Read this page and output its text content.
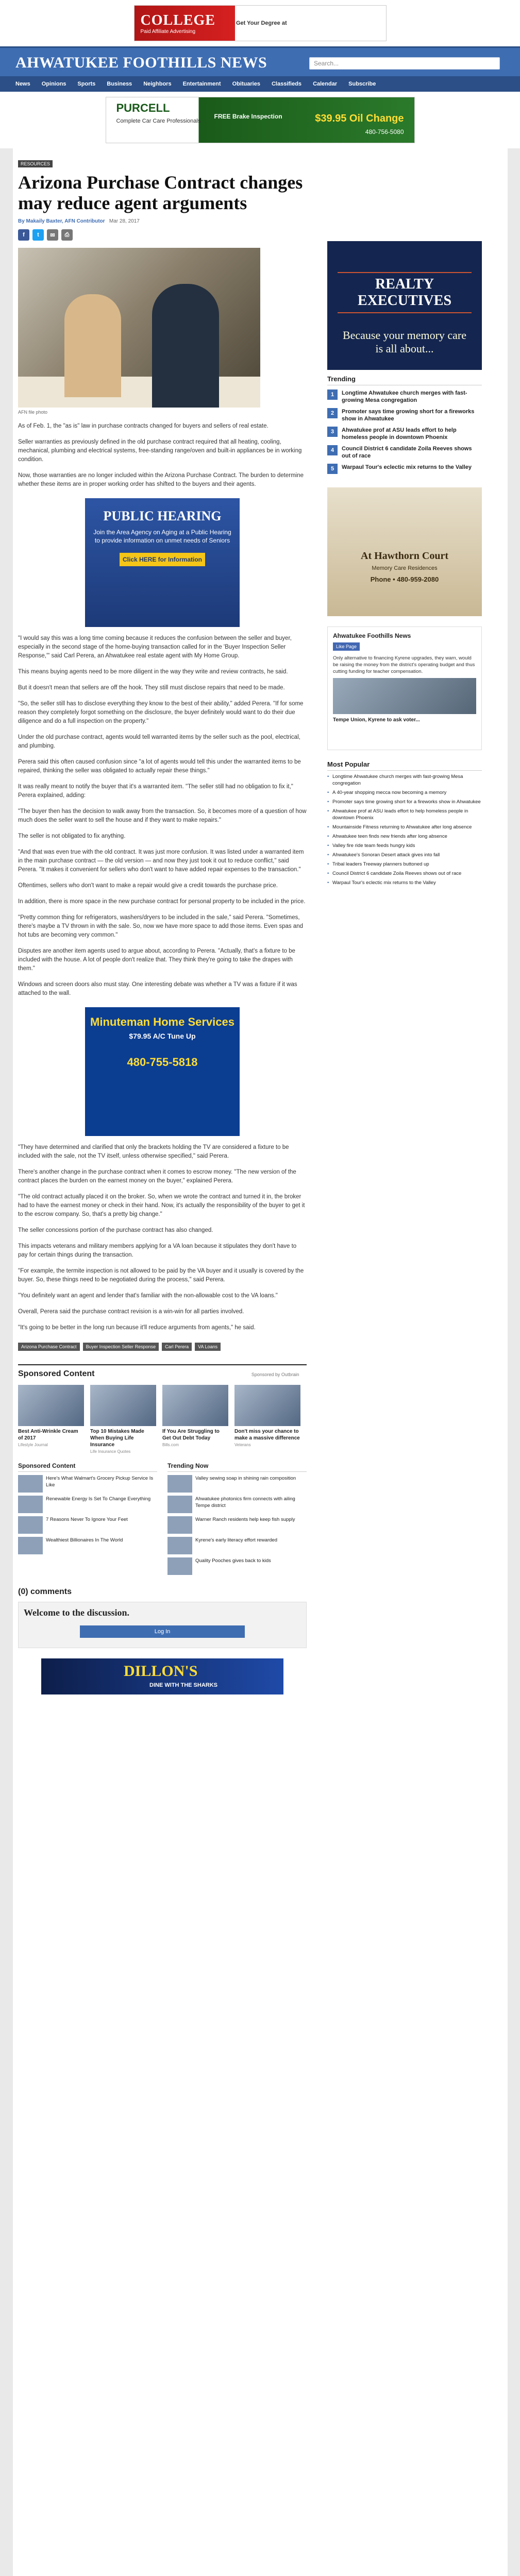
COLLEGE
Paid Affiliate Advertising
Get Your Degree at
AHWATUKEE FOOTHILLS NEWS	Search...
News Opinions Sports Business Neighbors Entertainment Obituaries Classifieds Calendar Subscribe
PURCELL
Complete Car Care Professionals
FREE Brake Inspection	$39.95 Oil Change
480-756-5080
RESOURCES
Arizona Purchase Contract changes may reduce agent arguments
By Makaily Baxter, AFN Contributor Mar 28, 2017
f	t	✉	⎙
AFN file photo

As of Feb. 1, the "as is" law in purchase contracts changed for buyers and sellers of real estate.

Seller warranties as previously defined in the old purchase contract required that all heating, cooling, mechanical, plumbing and electrical systems, free-standing range/oven and built-in appliances be in working condition.

Now, those warranties are no longer included within the Arizona Purchase Contract. The burden to determine whether these items are in proper working order has shifted to the buyers and their agents.

PUBLIC HEARING
Join the Area Agency on Aging at a Public Hearing to provide information on unmet needs of Seniors
Click HERE for Information

"I would say this was a long time coming because it reduces the confusion between the seller and buyer, especially in the second stage of the home-buying transaction called for in the 'Buyer Inspection Seller Response,'" said Carl Perera, an Ahwatukee real estate agent with My Home Group.

This means buying agents need to be more diligent in the way they write and review contracts, he said.

But it doesn't mean that sellers are off the hook. They still must disclose repairs that need to be made.

"So, the seller still has to disclose everything they know to the best of their ability," added Perera. "If for some reason they completely forgot something on the disclosure, the buyer definitely would want to do their due diligence and do a full inspection on the property."

Under the old purchase contract, agents would tell warranted items by the seller such as the pool, electrical, and plumbing.

Perera said this often caused confusion since "a lot of agents would tell this under the warranted items to be repaired, thinking the seller was obligated to actually repair these things."

It was really meant to notify the buyer that it's a warranted item. "The seller still had no obligation to fix it," Perera explained, adding:

"The buyer then has the decision to walk away from the transaction. So, it becomes more of a question of how much does the seller want to sell the house and if they want to make repairs."

The seller is not obligated to fix anything.

"And that was even true with the old contract. It was just more confusion. It was listed under a warranted item in the main purchase contract — the old version — and now they just took it out to reduce conflict," said Perera. "It makes it convenient for sellers who don't want to have added repair expenses to the transaction."

Oftentimes, sellers who don't want to make a repair would give a credit towards the purchase price.

In addition, there is more space in the new purchase contract for personal property to be included in the price.

"Pretty common thing for refrigerators, washers/dryers to be included in the sale," said Perera. "Sometimes, there's maybe a TV thrown in with the sale. So, now we have more space to add those items. Even spas and hot tubs are becoming very common."

Disputes are another item agents used to argue about, according to Perera. "Actually, that's a fixture to be included with the house. A lot of people don't realize that. They think they're going to take the drapes with them."

Windows and screen doors also must stay. One interesting debate was whether a TV was a fixture if it was attached to the wall.

Minuteman Home Services
$79.95 A/C Tune Up
480-755-5818

"They have determined and clarified that only the brackets holding the TV are considered a fixture to be included with the sale, not the TV itself, unless otherwise specified," said Perera.

There's another change in the purchase contract when it comes to escrow money. "The new version of the contract places the burden on the earnest money on the buyer," explained Perera.

"The old contract actually placed it on the broker. So, when we wrote the contract and turned it in, the broker had to have the earnest money or check in their hand. Now, it's actually the responsibility of the buyer to get it to the escrow company. So, that's a pretty big change."

The seller concessions portion of the purchase contract has also changed.

This impacts veterans and military members applying for a VA loan because it stipulates they don't have to pay for certain things during the transaction.

"For example, the termite inspection is not allowed to be paid by the VA buyer and it usually is covered by the buyer. So, these things need to be negotiated during the process," said Perera.

"You definitely want an agent and lender that's familiar with the non-allowable cost to the VA loans."

Overall, Perera said the purchase contract revision is a win-win for all parties involved.

"It's going to be better in the long run because it'll reduce arguments from agents," he said.

Arizona Purchase Contract	Buyer Inspection Seller Response	Carl Perera	VA Loans
Sponsored Content	Sponsored by Outbrain
Best Anti-Wrinkle Cream of 2017
Lifestyle Journal
Top 10 Mistakes Made When Buying Life Insurance
Life Insurance Quotes
If You Are Struggling to Get Out Debt Today
Bills.com
Don't miss your chance to make a massive difference
Veterans
Sponsored Content
Here's What Walmart's Grocery Pickup Service Is Like
Renewable Energy Is Set To Change Everything
7 Reasons Never To Ignore Your Feet
Wealthiest Billionaires In The World
Trending Now
Valley sewing soap in shining rain composition
Ahwatukee photonics firm connects with ailing Tempe district
Warner Ranch residents help keep fish supply
Kyrene's early literacy effort rewarded
Quality Pooches gives back to kids
(0) comments
Welcome to the discussion.
Log In
DILLON'S
DINE WITH THE SHARKS
REALTY EXECUTIVES
Because your memory care is all about...
Trending
1	Longtime Ahwatukee church merges with fast-growing Mesa congregation
2	Promoter says time growing short for a fireworks show in Ahwatukee
3	Ahwatukee prof at ASU leads effort to help homeless people in downtown Phoenix
4	Council District 6 candidate Zoila Reeves shows out of race
5	Warpaul Tour's eclectic mix returns to the Valley
At Hawthorn Court
Memory Care Residences
Phone • 480-959-2080
Ahwatukee Foothills News
Like Page

Only alternative to financing Kyrene upgrades, they warn, would be raising the money from the district's operating budget and thus cutting funding for teacher compensation.

Tempe Union, Kyrene to ask voter...
Most Popular
• Longtime Ahwatukee church merges with fast-growing Mesa congregation
• A 40-year shopping mecca now becoming a memory
• Promoter says time growing short for a fireworks show in Ahwatukee
• Ahwatukee prof at ASU leads effort to help homeless people in downtown Phoenix
• Mountainside Fitness returning to Ahwatukee after long absence
• Ahwatukee teen finds new friends after long absence
• Valley fire ride team feeds hungry kids
• Ahwatukee's Sonoran Desert attack gives into fall
• Tribal leaders Treeway planners buttoned up
• Council District 6 candidate Zoila Reeves shows out of race
• Warpaul Tour's eclectic mix returns to the Valley
